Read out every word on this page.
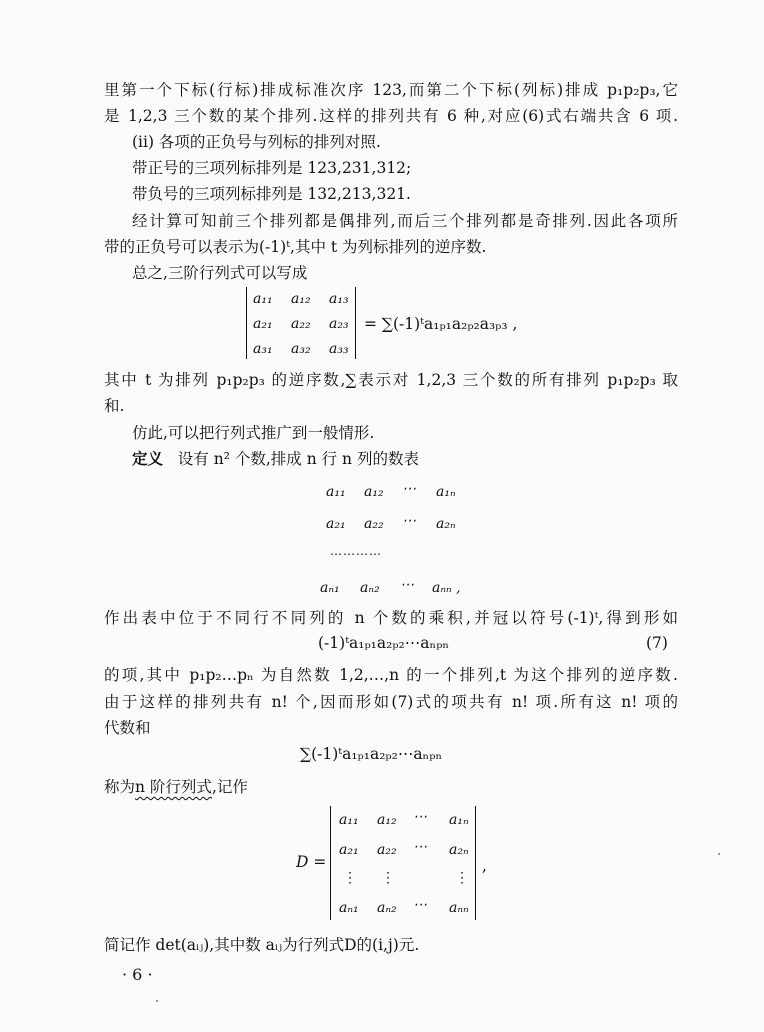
里第一个下标(行标)排成标准次序 123,而第二个下标(列标)排成 p₁p₂p₃,它
是 1,2,3 三个数的某个排列.这样的排列共有 6 种,对应(6)式右端共含 6 项.
(ii) 各项的正负号与列标的排列对照.
带正号的三项列标排列是 123,231,312;
带负号的三项列标排列是 132,213,321.
经计算可知前三个排列都是偶排列,而后三个排列都是奇排列.因此各项所
带的正负号可以表示为(-1)ᵗ,其中 t 为列标排列的逆序数.
总之,三阶行列式可以写成
a₁₁ a₁₂ a₁₃
a₂₁ a₂₂ a₂₃
a₃₁ a₃₂ a₃₃
= ∑(-1)ᵗa₁ₚ₁a₂ₚ₂a₃ₚ₃ ,
其中 t 为排列 p₁p₂p₃ 的逆序数,∑表示对 1,2,3 三个数的所有排列 p₁p₂p₃ 取
和.
仿此,可以把行列式推广到一般情形.
定义 设有 n² 个数,排成 n 行 n 列的数表
a₁₁ a₁₂ ⋯ a₁ₙ
a₂₁ a₂₂ ⋯ a₂ₙ
…………
aₙ₁ aₙ₂ ⋯ aₙₙ ,
作出表中位于不同行不同列的 n 个数的乘积,并冠以符号(-1)ᵗ,得到形如
(-1)ᵗa₁ₚ₁a₂ₚ₂⋯aₙₚₙ	(7)
的项,其中 p₁p₂…pₙ 为自然数 1,2,…,n 的一个排列,t 为这个排列的逆序数.
由于这样的排列共有 n! 个,因而形如(7)式的项共有 n! 项.所有这 n! 项的
代数和
∑(-1)ᵗa₁ₚ₁a₂ₚ₂⋯aₙₚₙ
称为n 阶行列式,记作
D =
a₁₁ a₁₂ ⋯ a₁ₙ
a₂₁ a₂₂ ⋯ a₂ₙ
⋮ ⋮	⋮
aₙ₁ aₙ₂ ⋯ aₙₙ
,
简记作 det(aᵢⱼ),其中数 aᵢⱼ为行列式D的(i,j)元.
· 6 ·
